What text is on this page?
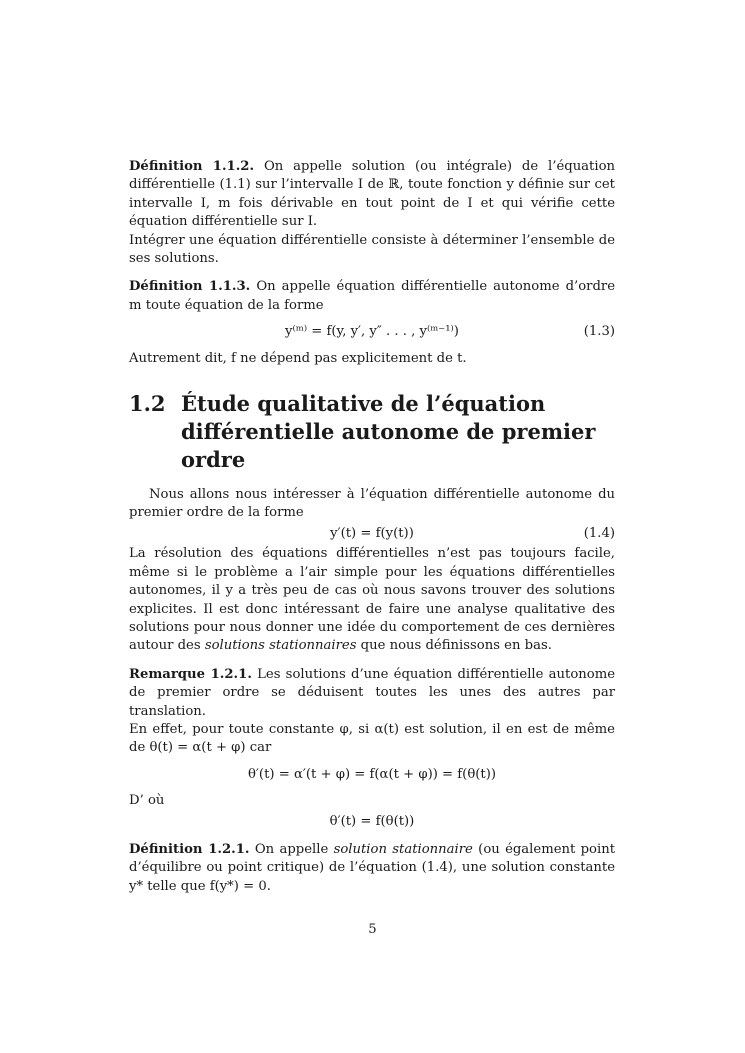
Définition 1.1.2. On appelle solution (ou intégrale) de l’équation différentielle (1.1) sur l’intervalle I de ℝ, toute fonction y définie sur cet intervalle I, m fois dérivable en tout point de I et qui vérifie cette équation différentielle sur I.

Intégrer une équation différentielle consiste à déterminer l’ensemble de ses solutions.

Définition 1.1.3. On appelle équation différentielle autonome d’ordre m toute équation de la forme

y⁽ᵐ⁾ = f(y, y′, y″ . . . , y⁽ᵐ⁻¹⁾)	(1.3)

Autrement dit, f ne dépend pas explicitement de t.

1.2 Étude qualitative de l’équation différentielle autonome de premier ordre

Nous allons nous intéresser à l’équation différentielle autonome du premier ordre de la forme

y′(t) = f(y(t))	(1.4)

La résolution des équations différentielles n’est pas toujours facile, même si le problème a l’air simple pour les équations différentielles autonomes, il y a très peu de cas où nous savons trouver des solutions explicites. Il est donc intéressant de faire une analyse qualitative des solutions pour nous donner une idée du comportement de ces dernières autour des solutions stationnaires que nous définissons en bas.

Remarque 1.2.1. Les solutions d’une équation différentielle autonome de premier ordre se déduisent toutes les unes des autres par translation.

En effet, pour toute constante φ, si α(t) est solution, il en est de même de θ(t) = α(t + φ) car

θ′(t) = α′(t + φ) = f(α(t + φ)) = f(θ(t))

D’ où

θ′(t) = f(θ(t))

Définition 1.2.1. On appelle solution stationnaire (ou également point d’équilibre ou point critique) de l’équation (1.4), une solution constante y* telle que f(y*) = 0.

5
